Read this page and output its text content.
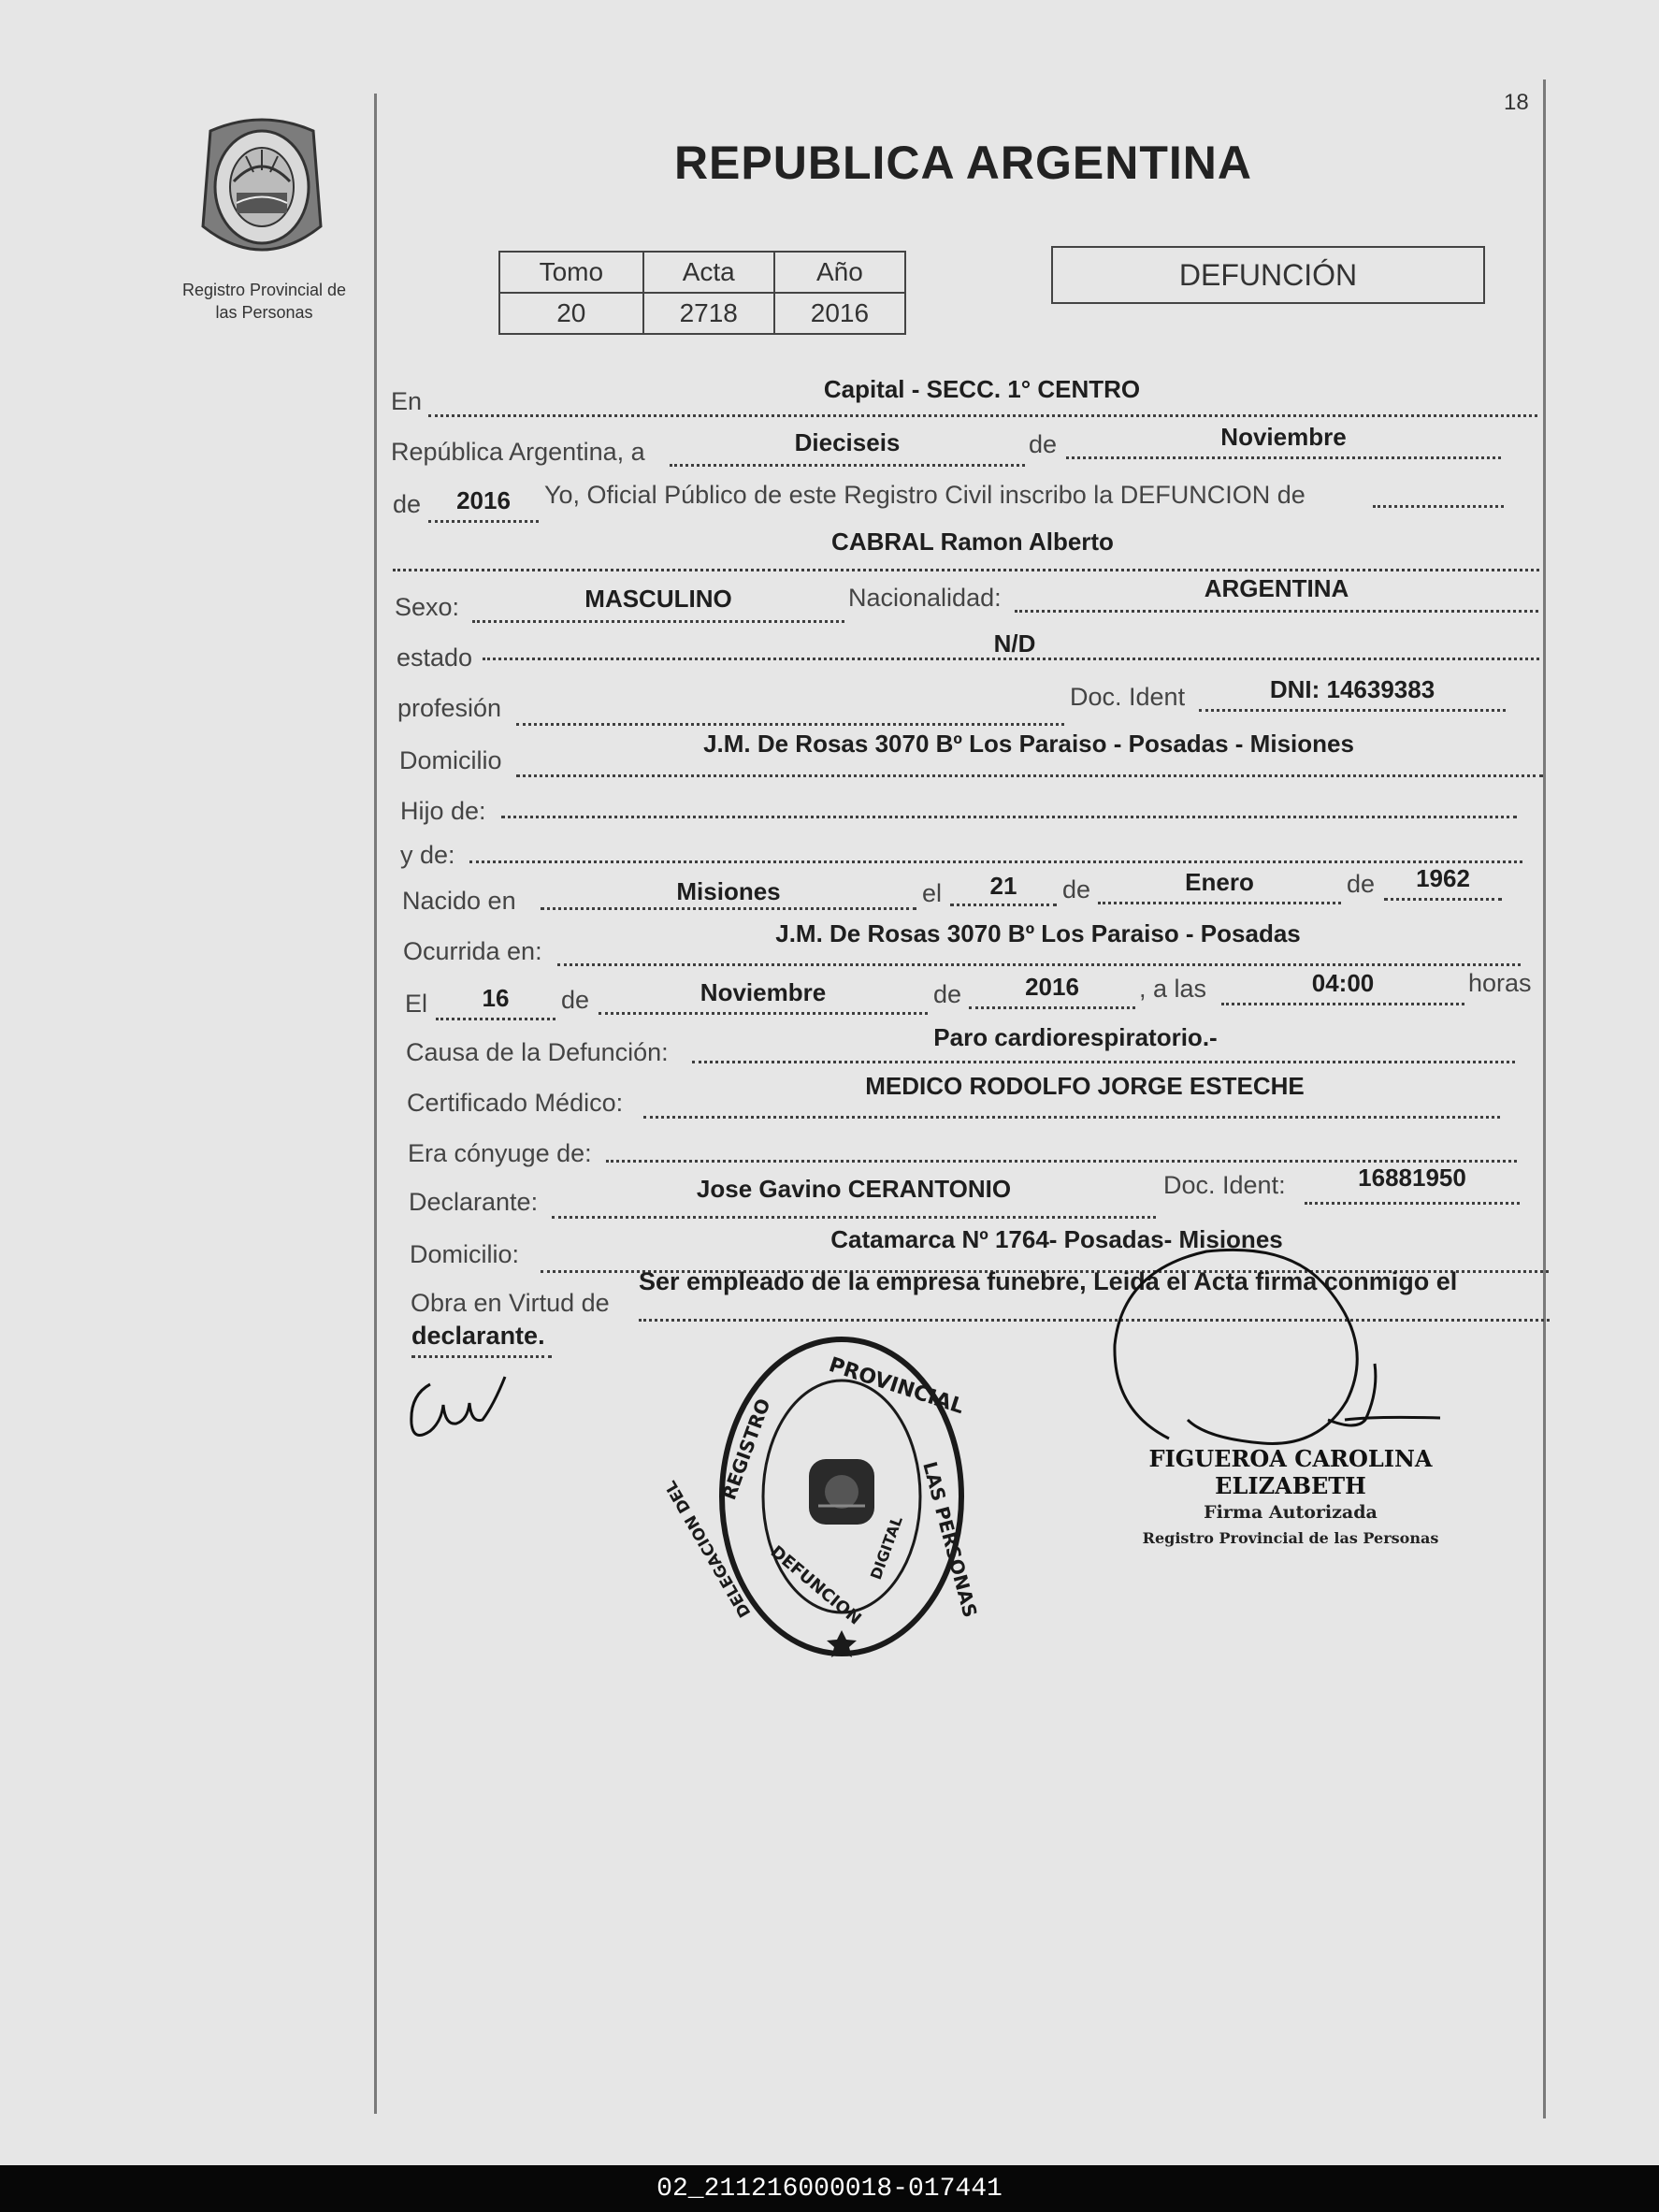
Registro Provincial de
las Personas
18
REPUBLICA ARGENTINA
Tomo	Acta	Año
20	2718	2016
DEFUNCIÓN
En	Capital - SECC. 1° CENTRO
República Argentina, a	Dieciseis	de	Noviembre
de	2016	Yo, Oficial Público de este Registro Civil inscribo la DEFUNCION de
CABRAL Ramon Alberto
Sexo:	MASCULINO	Nacionalidad:	ARGENTINA
estado	N/D
profesión	Doc. Ident	DNI: 14639383
Domicilio
J.M. De Rosas 3070 Bº Los Paraiso - Posadas - Misiones
Hijo de:
y de:
Nacido en	Misiones	el	21	de	Enero	de	1962
Ocurrida en:
J.M. De Rosas 3070 Bº Los Paraiso - Posadas
El	16	de	Noviembre	de	2016	, a las	04:00	horas
Causa de la Defunción:
Paro cardiorespiratorio.-
Certificado Médico:
MEDICO RODOLFO JORGE ESTECHE
Era cónyuge de:
Declarante:	Jose Gavino CERANTONIO	Doc. Ident:	16881950
Domicilio:
Catamarca Nº 1764- Posadas- Misiones
Obra en Virtud de
Ser empleado de la empresa funebre, Leida el Acta firma conmigo el
declarante.
PROVINCIAL
REGISTRO
LAS PERSONAS
DEFUNCION DIGITAL
DELEGACION DEL
FIGUEROA CAROLINA ELIZABETH
Firma Autorizada
Registro Provincial de las Personas
02_211216000018-017441
